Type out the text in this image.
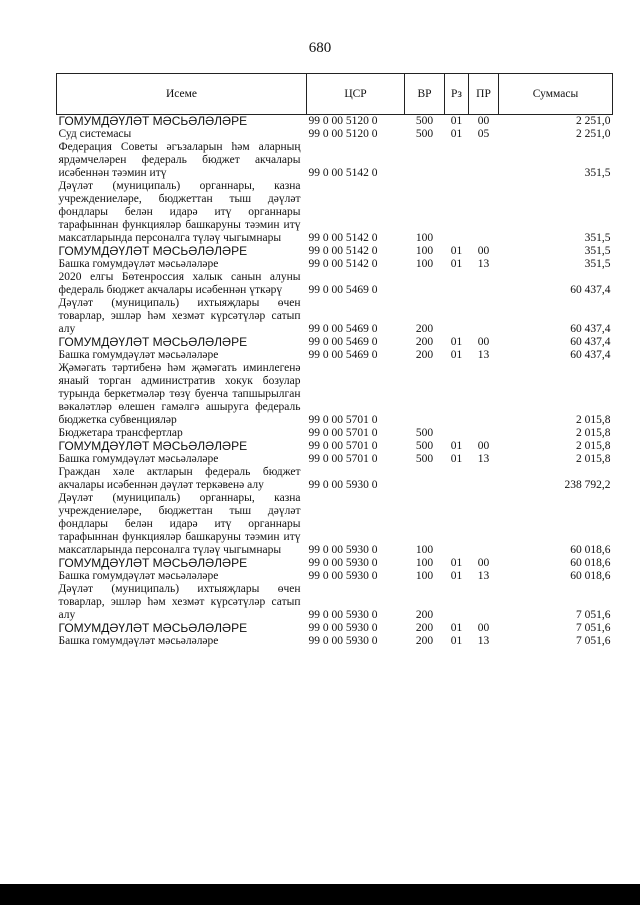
680
Исеме	ЦСР	ВР	Рз	ПР	Суммасы
ГОМУМДӘҮЛӘТ МӘСЬӘЛӘЛӘРЕ	99 0 00 5120 0	500	01	00	2 251,0
Суд системасы	99 0 00 5120 0	500	01	05	2 251,0
Федерация Советы әгъзаларын һәм аларның ярдәмчеләрен федераль бюджет акчалары исәбеннән тәэмин итү	99 0 00 5142 0				351,5
Дәүләт (муниципаль) органнары, казна учреждениеләре, бюджеттан тыш дәүләт фондлары белән идарә итү органнары тарафыннан функцияләр башкаруны тәэмин итү максатларында персоналга түләү чыгымнары	99 0 00 5142 0	100			351,5
ГОМУМДӘҮЛӘТ МӘСЬӘЛӘЛӘРЕ	99 0 00 5142 0	100	01	00	351,5
Башка гомумдәүләт мәсьәләләре	99 0 00 5142 0	100	01	13	351,5
2020 елгы Бөтенроссия халык санын алуны федераль бюджет акчалары исәбеннән үткәрү	99 0 00 5469 0				60 437,4
Дәүләт (муниципаль) ихтыяҗлары өчен товарлар, эшләр һәм хезмәт күрсәтүләр сатып алу	99 0 00 5469 0	200			60 437,4
ГОМУМДӘҮЛӘТ МӘСЬӘЛӘЛӘРЕ	99 0 00 5469 0	200	01	00	60 437,4
Башка гомумдәүләт мәсьәләләре	99 0 00 5469 0	200	01	13	60 437,4
Җәмәгать тәртибенә һәм җәмәгать иминлегенә янаый торган административ хокук бозулар турында беркетмәләр төзү буенча тапшырылган вәкаләтләр өлешен гамәлгә ашыруга федераль бюджетка субвенцияләр	99 0 00 5701 0				2 015,8
Бюджетара трансфертлар	99 0 00 5701 0	500			2 015,8
ГОМУМДӘҮЛӘТ МӘСЬӘЛӘЛӘРЕ	99 0 00 5701 0	500	01	00	2 015,8
Башка гомумдәүләт мәсьәләләре	99 0 00 5701 0	500	01	13	2 015,8
Граждан хәле актларын федераль бюджет акчалары исәбеннән дәүләт теркәвенә алу	99 0 00 5930 0				238 792,2
Дәүләт (муниципаль) органнары, казна учреждениеләре, бюджеттан тыш дәүләт фондлары белән идарә итү органнары тарафыннан функцияләр башкаруны тәэмин итү максатларында персоналга түләү чыгымнары	99 0 00 5930 0	100			60 018,6
ГОМУМДӘҮЛӘТ МӘСЬӘЛӘЛӘРЕ	99 0 00 5930 0	100	01	00	60 018,6
Башка гомумдәүләт мәсьәләләре	99 0 00 5930 0	100	01	13	60 018,6
Дәүләт (муниципаль) ихтыяҗлары өчен товарлар, эшләр һәм хезмәт күрсәтүләр сатып алу	99 0 00 5930 0	200			7 051,6
ГОМУМДӘҮЛӘТ МӘСЬӘЛӘЛӘРЕ	99 0 00 5930 0	200	01	00	7 051,6
Башка гомумдәүләт мәсьәләләре	99 0 00 5930 0	200	01	13	7 051,6
